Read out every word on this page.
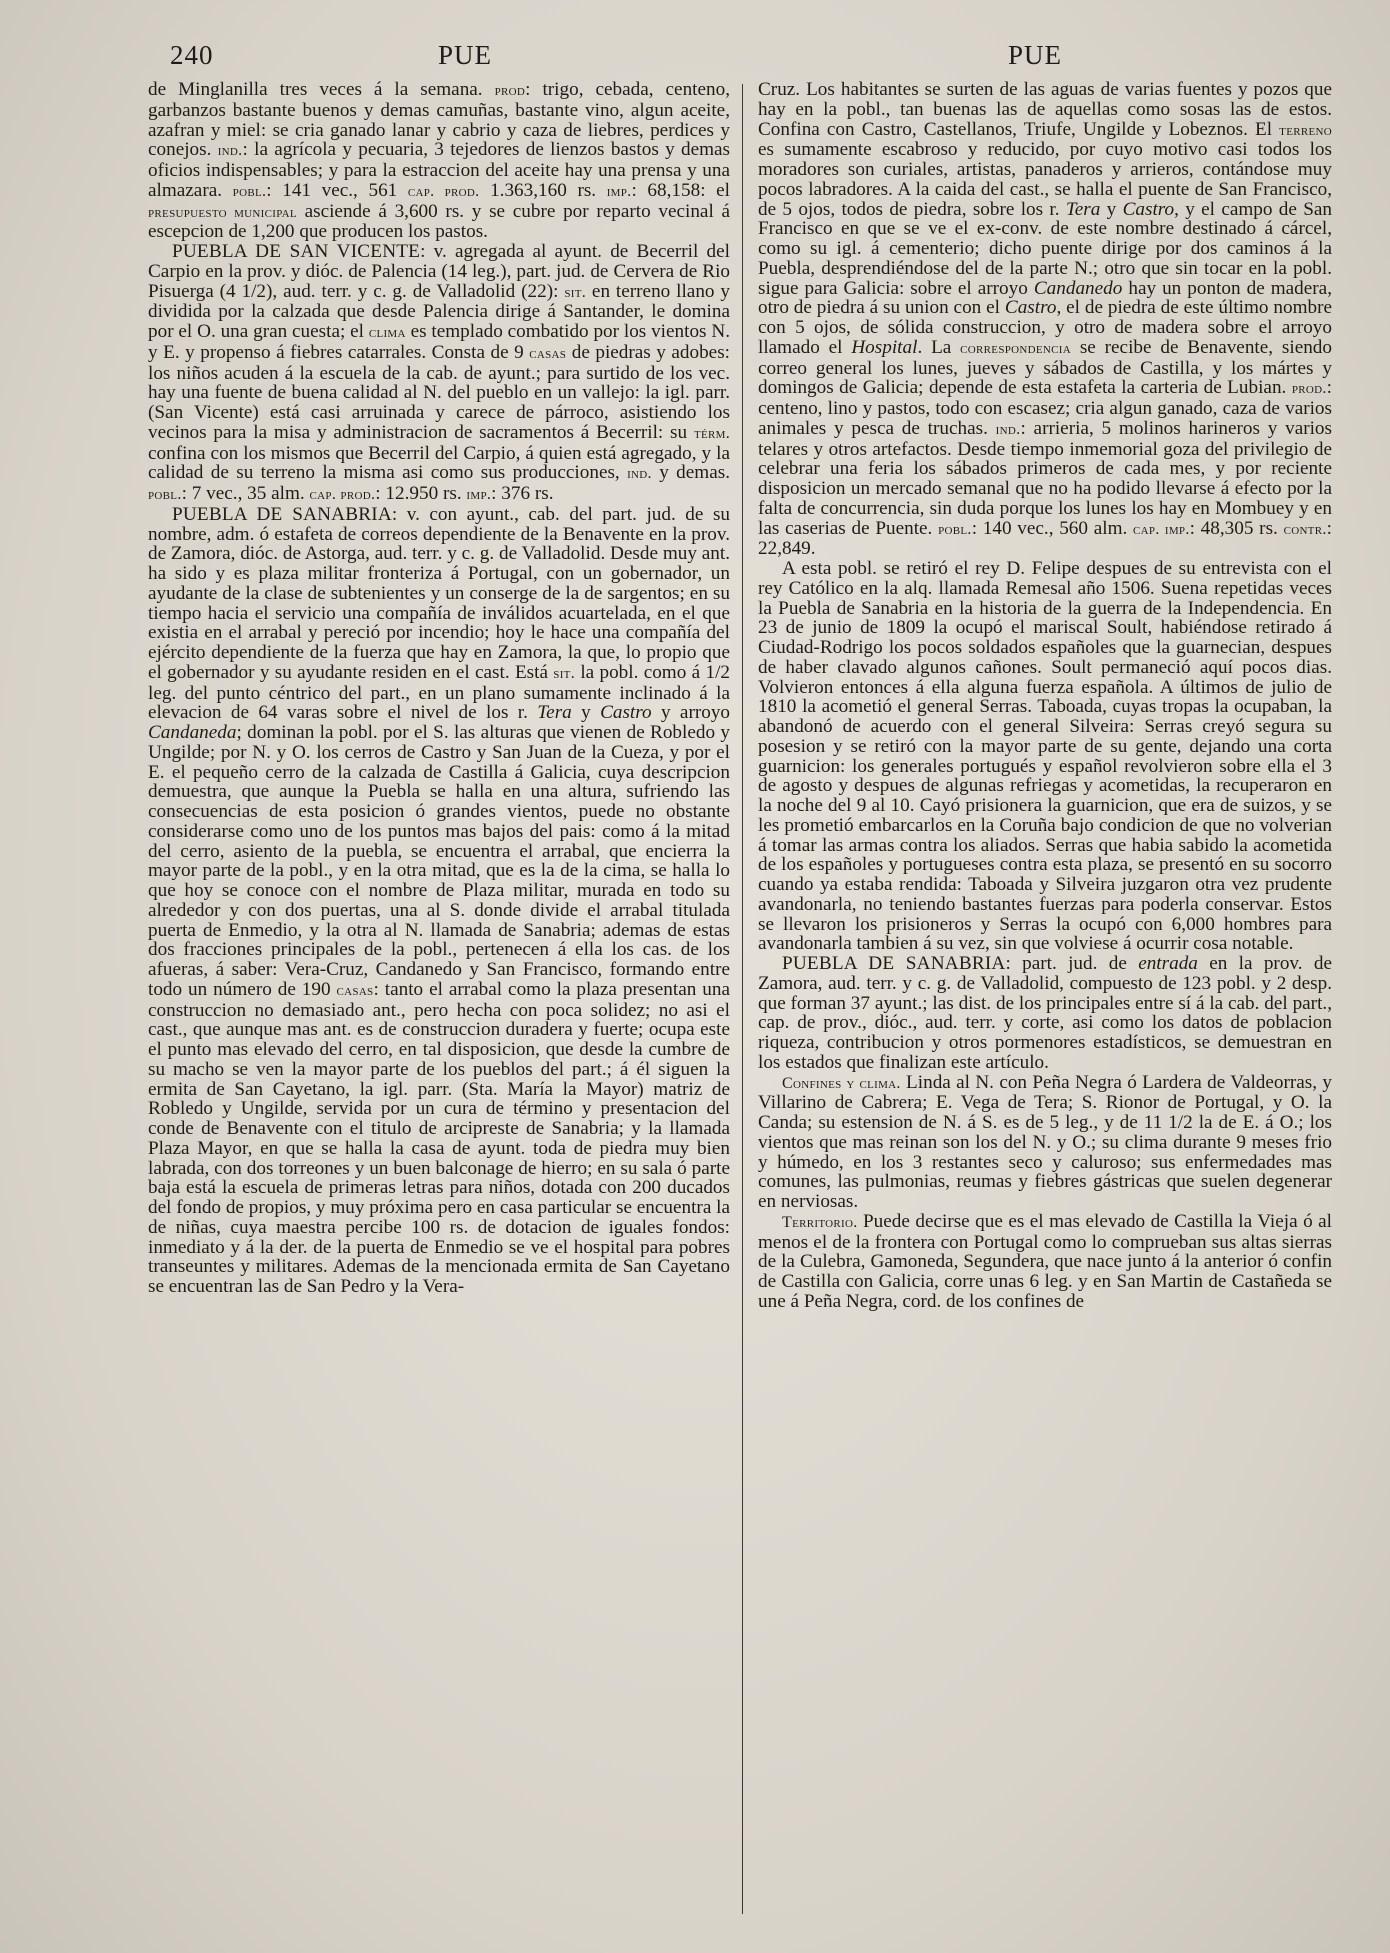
240	PUE	PUE

de Minglanilla tres veces á la semana. prod: trigo, cebada, centeno, garbanzos bastante buenos y demas camuñas, bastante vino, algun aceite, azafran y miel: se cria ganado lanar y cabrio y caza de liebres, perdices y conejos. ind.: la agrícola y pecuaria, 3 tejedores de lienzos bastos y demas oficios indispensables; y para la estraccion del aceite hay una prensa y una almazara. pobl.: 141 vec., 561 cap. prod. 1.363,160 rs. imp.: 68,158: el presupuesto municipal asciende á 3,600 rs. y se cubre por reparto vecinal á escepcion de 1,200 que producen los pastos.

PUEBLA DE SAN VICENTE: v. agregada al ayunt. de Becerril del Carpio en la prov. y dióc. de Palencia (14 leg.), part. jud. de Cervera de Rio Pisuerga (4 1/2), aud. terr. y c. g. de Valladolid (22): sit. en terreno llano y dividida por la calzada que desde Palencia dirige á Santander, le domina por el O. una gran cuesta; el clima es templado combatido por los vientos N. y E. y propenso á fiebres catarrales. Consta de 9 casas de piedras y adobes: los niños acuden á la escuela de la cab. de ayunt.; para surtido de los vec. hay una fuente de buena calidad al N. del pueblo en un vallejo: la igl. parr. (San Vicente) está casi arruinada y carece de párroco, asistiendo los vecinos para la misa y administracion de sacramentos á Becerril: su térm. confina con los mismos que Becerril del Carpio, á quien está agregado, y la calidad de su terreno la misma asi como sus producciones, ind. y demas. pobl.: 7 vec., 35 alm. cap. prod.: 12.950 rs. imp.: 376 rs.

PUEBLA DE SANABRIA: v. con ayunt., cab. del part. jud. de su nombre, adm. ó estafeta de correos dependiente de la Benavente en la prov. de Zamora, dióc. de Astorga, aud. terr. y c. g. de Valladolid. Desde muy ant. ha sido y es plaza militar fronteriza á Portugal, con un gobernador, un ayudante de la clase de subtenientes y un conserge de la de sargentos; en su tiempo hacia el servicio una compañía de inválidos acuartelada, en el que existia en el arrabal y pereció por incendio; hoy le hace una compañía del ejército dependiente de la fuerza que hay en Zamora, la que, lo propio que el gobernador y su ayudante residen en el cast. Está sit. la pobl. como á 1/2 leg. del punto céntrico del part., en un plano sumamente inclinado á la elevacion de 64 varas sobre el nivel de los r. Tera y Castro y arroyo Candaneda; dominan la pobl. por el S. las alturas que vienen de Robledo y Ungilde; por N. y O. los cerros de Castro y San Juan de la Cueza, y por el E. el pequeño cerro de la calzada de Castilla á Galicia, cuya descripcion demuestra, que aunque la Puebla se halla en una altura, sufriendo las consecuencias de esta posicion ó grandes vientos, puede no obstante considerarse como uno de los puntos mas bajos del pais: como á la mitad del cerro, asiento de la puebla, se encuentra el arrabal, que encierra la mayor parte de la pobl., y en la otra mitad, que es la de la cima, se halla lo que hoy se conoce con el nombre de Plaza militar, murada en todo su alrededor y con dos puertas, una al S. donde divide el arrabal titulada puerta de Enmedio, y la otra al N. llamada de Sanabria; ademas de estas dos fracciones principales de la pobl., pertenecen á ella los cas. de los afueras, á saber: Vera-Cruz, Candanedo y San Francisco, formando entre todo un número de 190 casas: tanto el arrabal como la plaza presentan una construccion no demasiado ant., pero hecha con poca solidez; no asi el cast., que aunque mas ant. es de construccion duradera y fuerte; ocupa este el punto mas elevado del cerro, en tal disposicion, que desde la cumbre de su macho se ven la mayor parte de los pueblos del part.; á él siguen la ermita de San Cayetano, la igl. parr. (Sta. María la Mayor) matriz de Robledo y Ungilde, servida por un cura de término y presentacion del conde de Benavente con el titulo de arcipreste de Sanabria; y la llamada Plaza Mayor, en que se halla la casa de ayunt. toda de piedra muy bien labrada, con dos torreones y un buen balconage de hierro; en su sala ó parte baja está la escuela de primeras letras para niños, dotada con 200 ducados del fondo de propios, y muy próxima pero en casa particular se encuentra la de niñas, cuya maestra percibe 100 rs. de dotacion de iguales fondos: inmediato y á la der. de la puerta de Enmedio se ve el hospital para pobres transeuntes y militares. Ademas de la mencionada ermita de San Cayetano se encuentran las de San Pedro y la Vera-

Cruz. Los habitantes se surten de las aguas de varias fuentes y pozos que hay en la pobl., tan buenas las de aquellas como sosas las de estos. Confina con Castro, Castellanos, Triufe, Ungilde y Lobeznos. El terreno es sumamente escabroso y reducido, por cuyo motivo casi todos los moradores son curiales, artistas, panaderos y arrieros, contándose muy pocos labradores. A la caida del cast., se halla el puente de San Francisco, de 5 ojos, todos de piedra, sobre los r. Tera y Castro, y el campo de San Francisco en que se ve el ex-conv. de este nombre destinado á cárcel, como su igl. á cementerio; dicho puente dirige por dos caminos á la Puebla, desprendiéndose del de la parte N.; otro que sin tocar en la pobl. sigue para Galicia: sobre el arroyo Candanedo hay un ponton de madera, otro de piedra á su union con el Castro, el de piedra de este último nombre con 5 ojos, de sólida construccion, y otro de madera sobre el arroyo llamado el Hospital. La correspondencia se recibe de Benavente, siendo correo general los lunes, jueves y sábados de Castilla, y los mártes y domingos de Galicia; depende de esta estafeta la carteria de Lubian. prod.: centeno, lino y pastos, todo con escasez; cria algun ganado, caza de varios animales y pesca de truchas. ind.: arrieria, 5 molinos harineros y varios telares y otros artefactos. Desde tiempo inmemorial goza del privilegio de celebrar una feria los sábados primeros de cada mes, y por reciente disposicion un mercado semanal que no ha podido llevarse á efecto por la falta de concurrencia, sin duda porque los lunes los hay en Mombuey y en las caserias de Puente. pobl.: 140 vec., 560 alm. cap. imp.: 48,305 rs. contr.: 22,849.

A esta pobl. se retiró el rey D. Felipe despues de su entrevista con el rey Católico en la alq. llamada Remesal año 1506. Suena repetidas veces la Puebla de Sanabria en la historia de la guerra de la Independencia. En 23 de junio de 1809 la ocupó el mariscal Soult, habiéndose retirado á Ciudad-Rodrigo los pocos soldados españoles que la guarnecian, despues de haber clavado algunos cañones. Soult permaneció aquí pocos dias. Volvieron entonces á ella alguna fuerza española. A últimos de julio de 1810 la acometió el general Serras. Taboada, cuyas tropas la ocupaban, la abandonó de acuerdo con el general Silveira: Serras creyó segura su posesion y se retiró con la mayor parte de su gente, dejando una corta guarnicion: los generales portugués y español revolvieron sobre ella el 3 de agosto y despues de algunas refriegas y acometidas, la recuperaron en la noche del 9 al 10. Cayó prisionera la guarnicion, que era de suizos, y se les prometió embarcarlos en la Coruña bajo condicion de que no volverian á tomar las armas contra los aliados. Serras que habia sabido la acometida de los españoles y portugueses contra esta plaza, se presentó en su socorro cuando ya estaba rendida: Taboada y Silveira juzgaron otra vez prudente avandonarla, no teniendo bastantes fuerzas para poderla conservar. Estos se llevaron los prisioneros y Serras la ocupó con 6,000 hombres para avandonarla tambien á su vez, sin que volviese á ocurrir cosa notable.

PUEBLA DE SANABRIA: part. jud. de entrada en la prov. de Zamora, aud. terr. y c. g. de Valladolid, compuesto de 123 pobl. y 2 desp. que forman 37 ayunt.; las dist. de los principales entre sí á la cab. del part., cap. de prov., dióc., aud. terr. y corte, asi como los datos de poblacion riqueza, contribucion y otros pormenores estadísticos, se demuestran en los estados que finalizan este artículo.

Confines y clima. Linda al N. con Peña Negra ó Lardera de Valdeorras, y Villarino de Cabrera; E. Vega de Tera; S. Rionor de Portugal, y O. la Canda; su estension de N. á S. es de 5 leg., y de 11 1/2 la de E. á O.; los vientos que mas reinan son los del N. y O.; su clima durante 9 meses frio y húmedo, en los 3 restantes seco y caluroso; sus enfermedades mas comunes, las pulmonias, reumas y fiebres gástricas que suelen degenerar en nerviosas.

Territorio. Puede decirse que es el mas elevado de Castilla la Vieja ó al menos el de la frontera con Portugal como lo comprueban sus altas sierras de la Culebra, Gamoneda, Segundera, que nace junto á la anterior ó confin de Castilla con Galicia, corre unas 6 leg. y en San Martin de Castañeda se une á Peña Negra, cord. de los confines de
